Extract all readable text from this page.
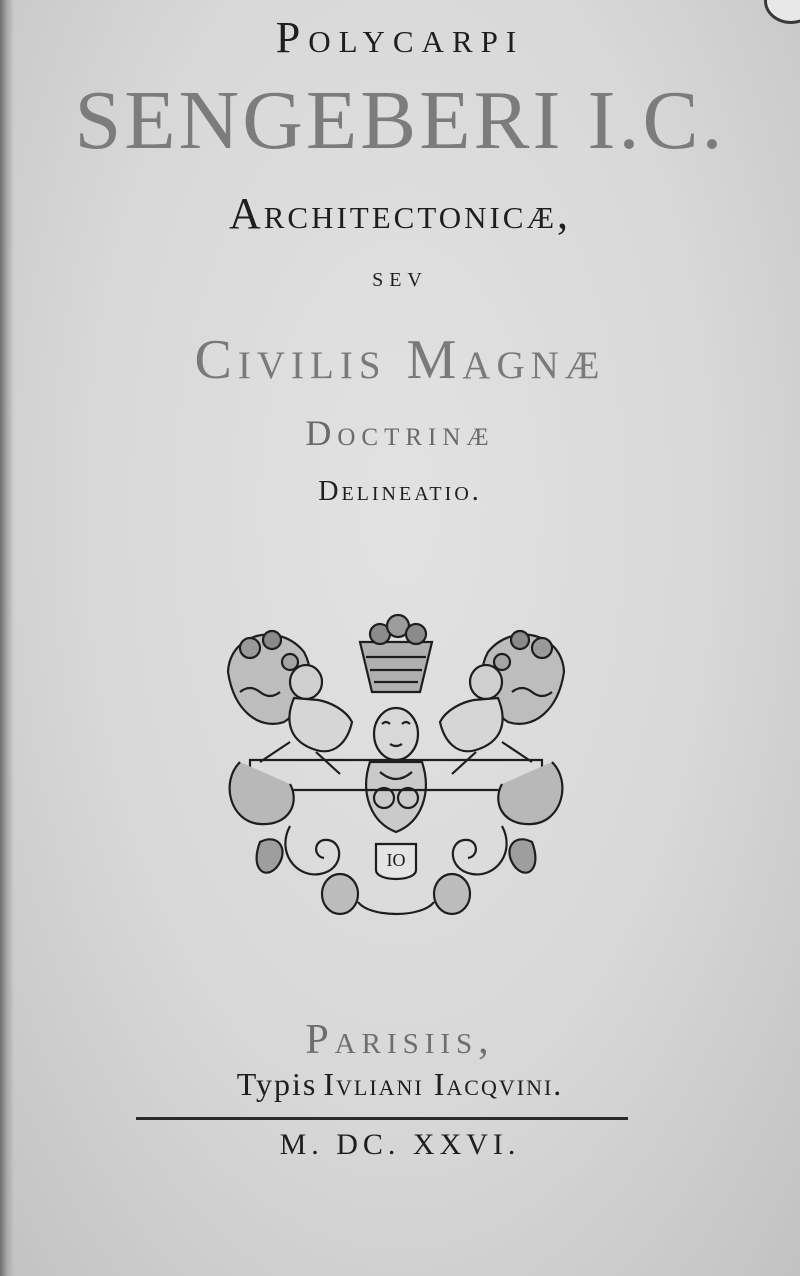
Polycarpi
SENGEBERI I.C.
Architectonicæ,
sev
Civilis Magnæ
Doctrinæ
Delineatio.
IO
Parisiis,
Typis Ivliani Iacqvini.
M. DC. XXVI.
